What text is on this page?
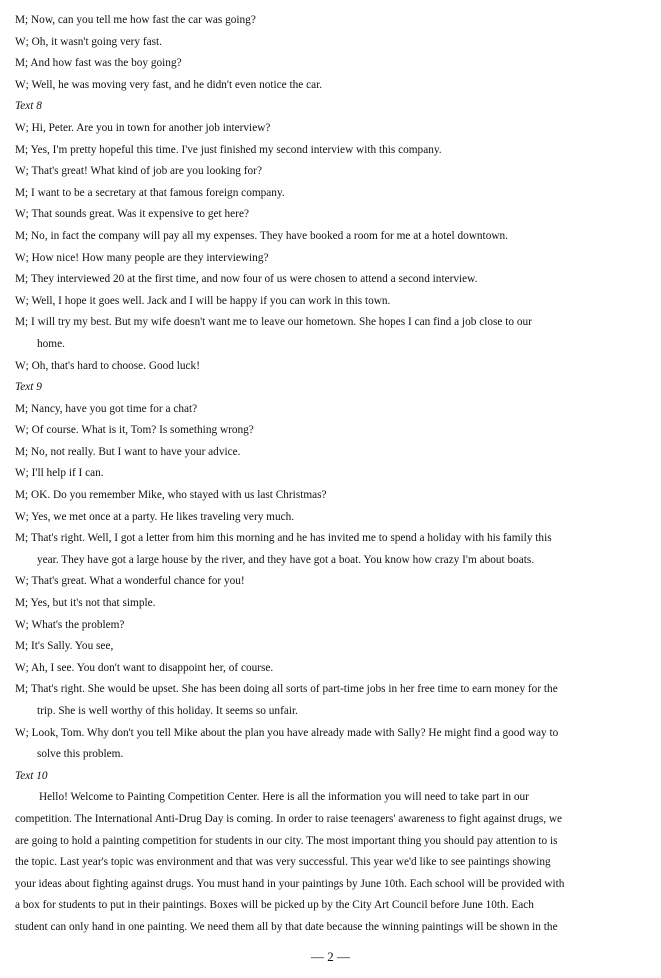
M; Now, can you tell me how fast the car was going?
W; Oh, it wasn't going very fast.
M; And how fast was the boy going?
W; Well, he was moving very fast, and he didn't even notice the car.
Text 8
W; Hi, Peter. Are you in town for another job interview?
M; Yes, I'm pretty hopeful this time. I've just finished my second interview with this company.
W; That's great! What kind of job are you looking for?
M; I want to be a secretary at that famous foreign company.
W; That sounds great. Was it expensive to get here?
M; No, in fact the company will pay all my expenses. They have booked a room for me at a hotel downtown.
W; How nice! How many people are they interviewing?
M; They interviewed 20 at the first time, and now four of us were chosen to attend a second interview.
W; Well, I hope it goes well. Jack and I will be happy if you can work in this town.
M; I will try my best. But my wife doesn't want me to leave our hometown. She hopes I can find a job close to our
home.
W; Oh, that's hard to choose. Good luck!
Text 9
M; Nancy, have you got time for a chat?
W; Of course. What is it, Tom? Is something wrong?
M; No, not really. But I want to have your advice.
W; I'll help if I can.
M; OK. Do you remember Mike, who stayed with us last Christmas?
W; Yes, we met once at a party. He likes traveling very much.
M; That's right. Well, I got a letter from him this morning and he has invited me to spend a holiday with his family this
year. They have got a large house by the river, and they have got a boat. You know how crazy I'm about boats.
W; That's great. What a wonderful chance for you!
M; Yes, but it's not that simple.
W; What's the problem?
M; It's Sally. You see,
W; Ah, I see. You don't want to disappoint her, of course.
M; That's right. She would be upset. She has been doing all sorts of part-time jobs in her free time to earn money for the
trip. She is well worthy of this holiday. It seems so unfair.
W; Look, Tom. Why don't you tell Mike about the plan you have already made with Sally? He might find a good way to
solve this problem.
Text 10
Hello! Welcome to Painting Competition Center. Here is all the information you will need to take part in our
competition. The International Anti-Drug Day is coming. In order to raise teenagers' awareness to fight against drugs, we
are going to hold a painting competition for students in our city. The most important thing you should pay attention to is
the topic. Last year's topic was environment and that was very successful. This year we'd like to see paintings showing
your ideas about fighting against drugs. You must hand in your paintings by June 10th. Each school will be provided with
a box for students to put in their paintings. Boxes will be picked up by the City Art Council before June 10th. Each
student can only hand in one painting. We need them all by that date because the winning paintings will be shown in the
— 2 —
